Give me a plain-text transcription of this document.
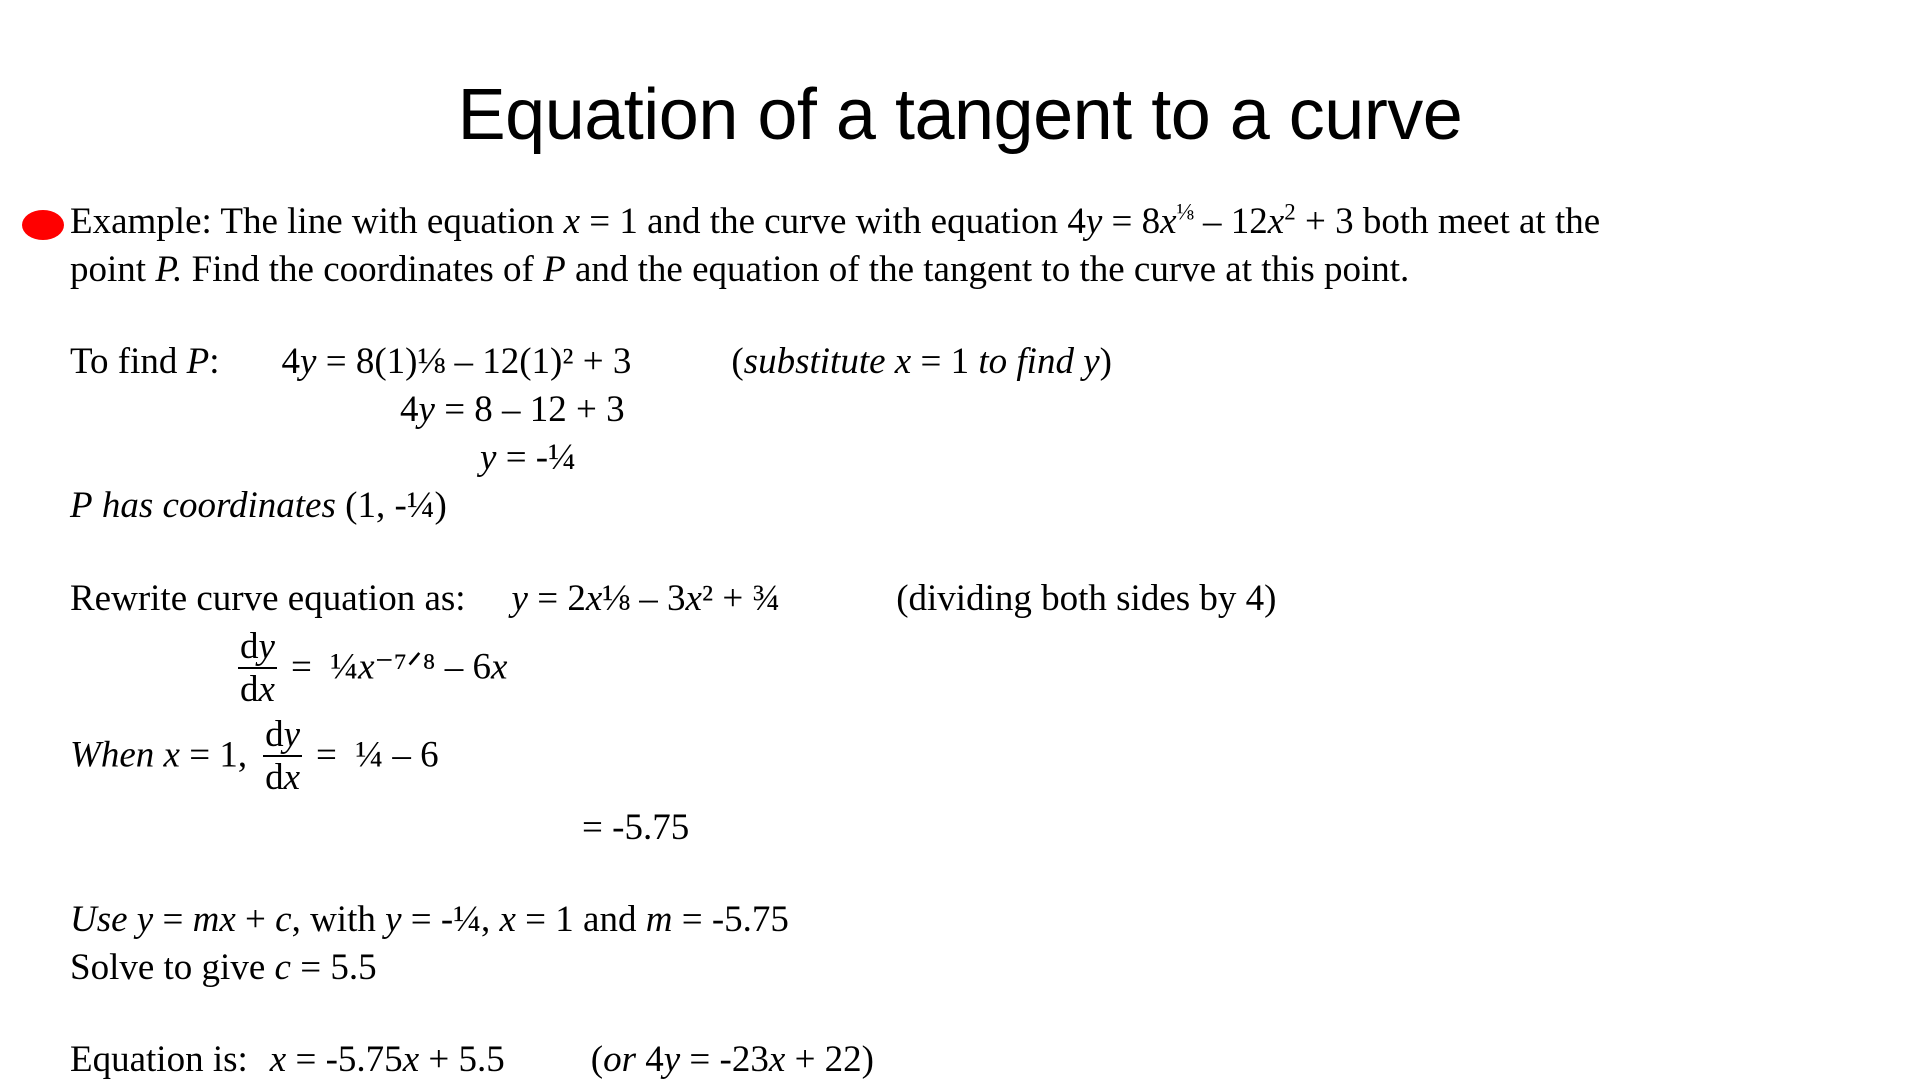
Equation of a tangent to a curve
Example: The line with equation x = 1 and the curve with equation $4y = 8x^{\frac{1}{8}} - 12x^2 + 3$ both meet at the
point P. Find the coordinates of P and the equation of the tangent to the curve at this point.
To find P: 4y = 8(1)⅛ – 12(1)² + 3	(substitute x = 1 to find y)
4y = 8 – 12 + 3
y = -¼
P has coordinates (1, -¼)
Rewrite curve equation as: y = 2x⅛ – 3x² + ¾	(dividing both sides by 4)
$\frac{dy}{dx}$ =  ¼x⁻⁷ᐟ⁸ – 6x
When x = 1, $\frac{dy}{dx}$ =  ¼ – 6
= -5.75
Use y = mx + c, with y = -¼, x = 1 and m = -5.75
Solve to give c = 5.5
Equation is: x = -5.75x + 5.5 (or 4y = -23x + 22)
